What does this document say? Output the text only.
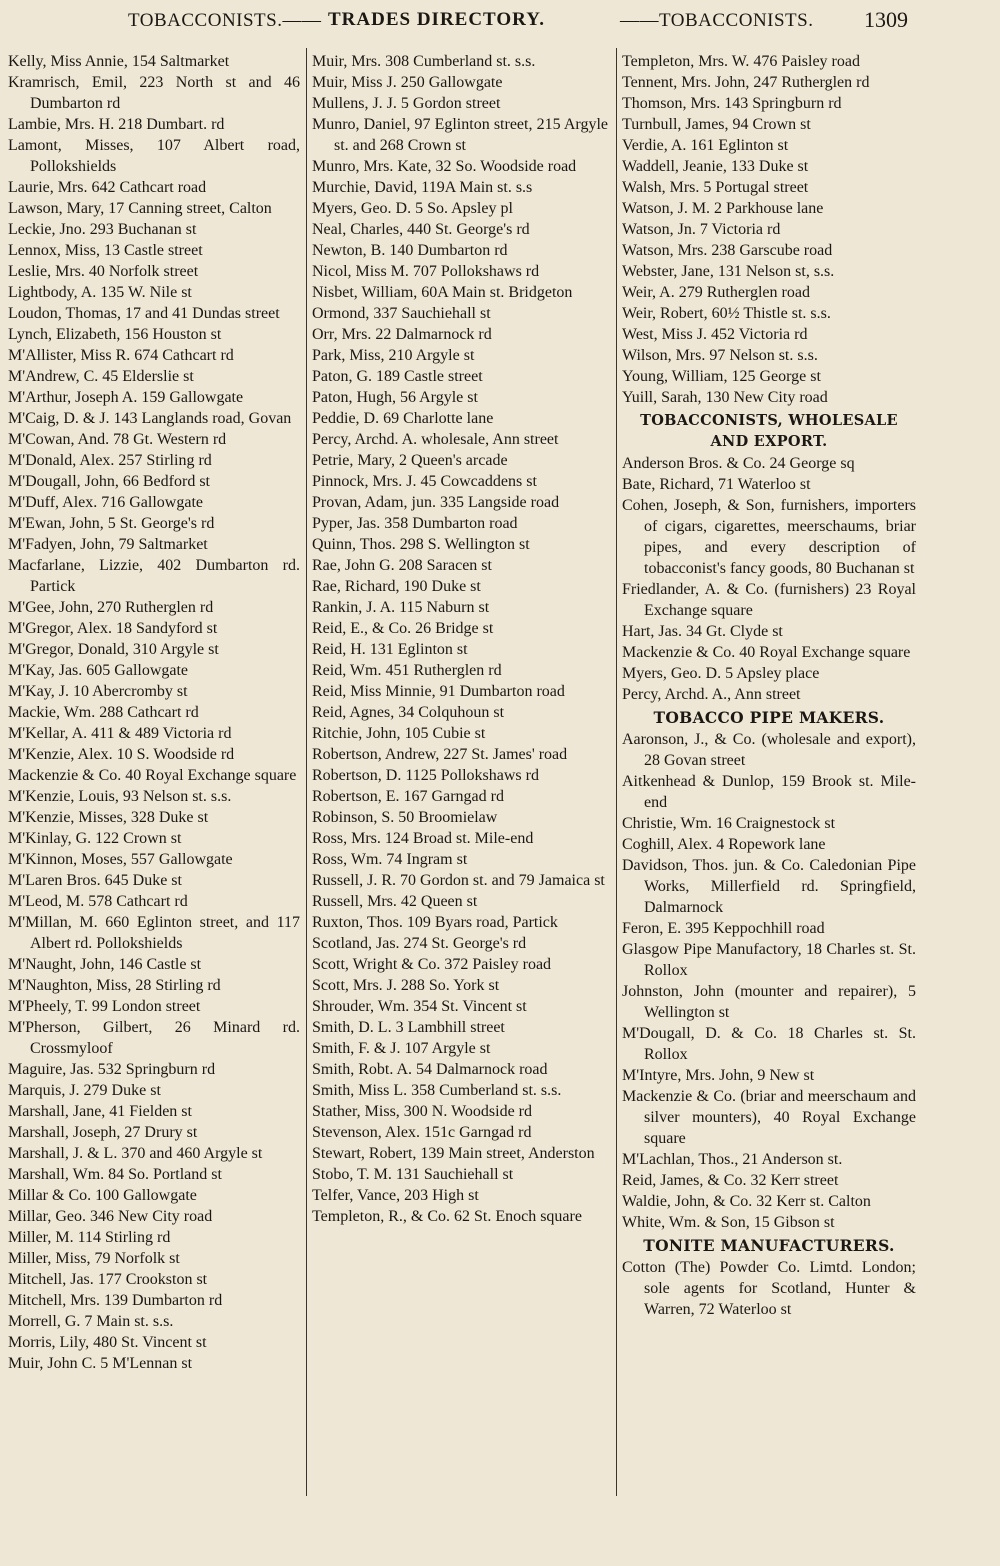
TOBACCONISTS.—— TRADES DIRECTORY.	——TOBACCONISTS. 1309
Kelly, Miss Annie, 154 Saltmarket
Kramrisch, Emil, 223 North st and 46 Dumbarton rd
Lambie, Mrs. H. 218 Dumbart. rd
Lamont, Misses, 107 Albert road, Pollokshields
Laurie, Mrs. 642 Cathcart road
Lawson, Mary, 17 Canning street, Calton
Leckie, Jno. 293 Buchanan st
Lennox, Miss, 13 Castle street
Leslie, Mrs. 40 Norfolk street
Lightbody, A. 135 W. Nile st
Loudon, Thomas, 17 and 41 Dundas street
Lynch, Elizabeth, 156 Houston st
M'Allister, Miss R. 674 Cathcart rd
M'Andrew, C. 45 Elderslie st
M'Arthur, Joseph A. 159 Gallowgate
M'Caig, D. & J. 143 Langlands road, Govan
M'Cowan, And. 78 Gt. Western rd
M'Donald, Alex. 257 Stirling rd
M'Dougall, John, 66 Bedford st
M'Duff, Alex. 716 Gallowgate
M'Ewan, John, 5 St. George's rd
M'Fadyen, John, 79 Saltmarket
Macfarlane, Lizzie, 402 Dumbarton rd. Partick
M'Gee, John, 270 Rutherglen rd
M'Gregor, Alex. 18 Sandyford st
M'Gregor, Donald, 310 Argyle st
M'Kay, Jas. 605 Gallowgate
M'Kay, J. 10 Abercromby st
Mackie, Wm. 288 Cathcart rd
M'Kellar, A. 411 & 489 Victoria rd
M'Kenzie, Alex. 10 S. Woodside rd
Mackenzie & Co. 40 Royal Exchange square
M'Kenzie, Louis, 93 Nelson st. s.s.
M'Kenzie, Misses, 328 Duke st
M'Kinlay, G. 122 Crown st
M'Kinnon, Moses, 557 Gallowgate
M'Laren Bros. 645 Duke st
M'Leod, M. 578 Cathcart rd
M'Millan, M. 660 Eglinton street, and 117 Albert rd. Pollokshields
M'Naught, John, 146 Castle st
M'Naughton, Miss, 28 Stirling rd
M'Pheely, T. 99 London street
M'Pherson, Gilbert, 26 Minard rd. Crossmyloof
Maguire, Jas. 532 Springburn rd
Marquis, J. 279 Duke st
Marshall, Jane, 41 Fielden st
Marshall, Joseph, 27 Drury st
Marshall, J. & L. 370 and 460 Argyle st
Marshall, Wm. 84 So. Portland st
Millar & Co. 100 Gallowgate
Millar, Geo. 346 New City road
Miller, M. 114 Stirling rd
Miller, Miss, 79 Norfolk st
Mitchell, Jas. 177 Crookston st
Mitchell, Mrs. 139 Dumbarton rd
Morrell, G. 7 Main st. s.s.
Morris, Lily, 480 St. Vincent st
Muir, John C. 5 M'Lennan st
Muir, Mrs. 308 Cumberland st. s.s.
Muir, Miss J. 250 Gallowgate
Mullens, J. J. 5 Gordon street
Munro, Daniel, 97 Eglinton street, 215 Argyle st. and 268 Crown st
Munro, Mrs. Kate, 32 So. Woodside road
Murchie, David, 119A Main st. s.s
Myers, Geo. D. 5 So. Apsley pl
Neal, Charles, 440 St. George's rd
Newton, B. 140 Dumbarton rd
Nicol, Miss M. 707 Pollokshaws rd
Nisbet, William, 60A Main st. Bridgeton
Ormond, 337 Sauchiehall st
Orr, Mrs. 22 Dalmarnock rd
Park, Miss, 210 Argyle st
Paton, G. 189 Castle street
Paton, Hugh, 56 Argyle st
Peddie, D. 69 Charlotte lane
Percy, Archd. A. wholesale, Ann street
Petrie, Mary, 2 Queen's arcade
Pinnock, Mrs. J. 45 Cowcaddens st
Provan, Adam, jun. 335 Langside road
Pyper, Jas. 358 Dumbarton road
Quinn, Thos. 298 S. Wellington st
Rae, John G. 208 Saracen st
Rae, Richard, 190 Duke st
Rankin, J. A. 115 Naburn st
Reid, E., & Co. 26 Bridge st
Reid, H. 131 Eglinton st
Reid, Wm. 451 Rutherglen rd
Reid, Miss Minnie, 91 Dumbarton road
Reid, Agnes, 34 Colquhoun st
Ritchie, John, 105 Cubie st
Robertson, Andrew, 227 St. James' road
Robertson, D. 1125 Pollokshaws rd
Robertson, E. 167 Garngad rd
Robinson, S. 50 Broomielaw
Ross, Mrs. 124 Broad st. Mile-end
Ross, Wm. 74 Ingram st
Russell, J. R. 70 Gordon st. and 79 Jamaica st
Russell, Mrs. 42 Queen st
Ruxton, Thos. 109 Byars road, Partick
Scotland, Jas. 274 St. George's rd
Scott, Wright & Co. 372 Paisley road
Scott, Mrs. J. 288 So. York st
Shrouder, Wm. 354 St. Vincent st
Smith, D. L. 3 Lambhill street
Smith, F. & J. 107 Argyle st
Smith, Robt. A. 54 Dalmarnock road
Smith, Miss L. 358 Cumberland st. s.s.
Stather, Miss, 300 N. Woodside rd
Stevenson, Alex. 151c Garngad rd
Stewart, Robert, 139 Main street, Anderston
Stobo, T. M. 131 Sauchiehall st
Telfer, Vance, 203 High st
Templeton, R., & Co. 62 St. Enoch square
Templeton, Mrs. W. 476 Paisley road
Tennent, Mrs. John, 247 Rutherglen rd
Thomson, Mrs. 143 Springburn rd
Turnbull, James, 94 Crown st
Verdie, A. 161 Eglinton st
Waddell, Jeanie, 133 Duke st
Walsh, Mrs. 5 Portugal street
Watson, J. M. 2 Parkhouse lane
Watson, Jn. 7 Victoria rd
Watson, Mrs. 238 Garscube road
Webster, Jane, 131 Nelson st, s.s.
Weir, A. 279 Rutherglen road
Weir, Robert, 60½ Thistle st. s.s.
West, Miss J. 452 Victoria rd
Wilson, Mrs. 97 Nelson st. s.s.
Young, William, 125 George st
Yuill, Sarah, 130 New City road
TOBACCONISTS, WHOLESALE AND EXPORT.
Anderson Bros. & Co. 24 George sq
Bate, Richard, 71 Waterloo st
Cohen, Joseph, & Son, furnishers, importers of cigars, cigarettes, meerschaums, briar pipes, and every description of tobacconist's fancy goods, 80 Buchanan st
Friedlander, A. & Co. (furnishers) 23 Royal Exchange square
Hart, Jas. 34 Gt. Clyde st
Mackenzie & Co. 40 Royal Exchange square
Myers, Geo. D. 5 Apsley place
Percy, Archd. A., Ann street
TOBACCO PIPE MAKERS.
Aaronson, J., & Co. (wholesale and export), 28 Govan street
Aitkenhead & Dunlop, 159 Brook st. Mile-end
Christie, Wm. 16 Craignestock st
Coghill, Alex. 4 Ropework lane
Davidson, Thos. jun. & Co. Caledonian Pipe Works, Millerfield rd. Springfield, Dalmarnock
Feron, E. 395 Keppochhill road
Glasgow Pipe Manufactory, 18 Charles st. St. Rollox
Johnston, John (mounter and repairer), 5 Wellington st
M'Dougall, D. & Co. 18 Charles st. St. Rollox
M'Intyre, Mrs. John, 9 New st
Mackenzie & Co. (briar and meerschaum and silver mounters), 40 Royal Exchange square
M'Lachlan, Thos., 21 Anderson st.
Reid, James, & Co. 32 Kerr street
Waldie, John, & Co. 32 Kerr st. Calton
White, Wm. & Son, 15 Gibson st
TONITE MANUFACTURERS.
Cotton (The) Powder Co. Limtd. London; sole agents for Scotland, Hunter & Warren, 72 Waterloo st
